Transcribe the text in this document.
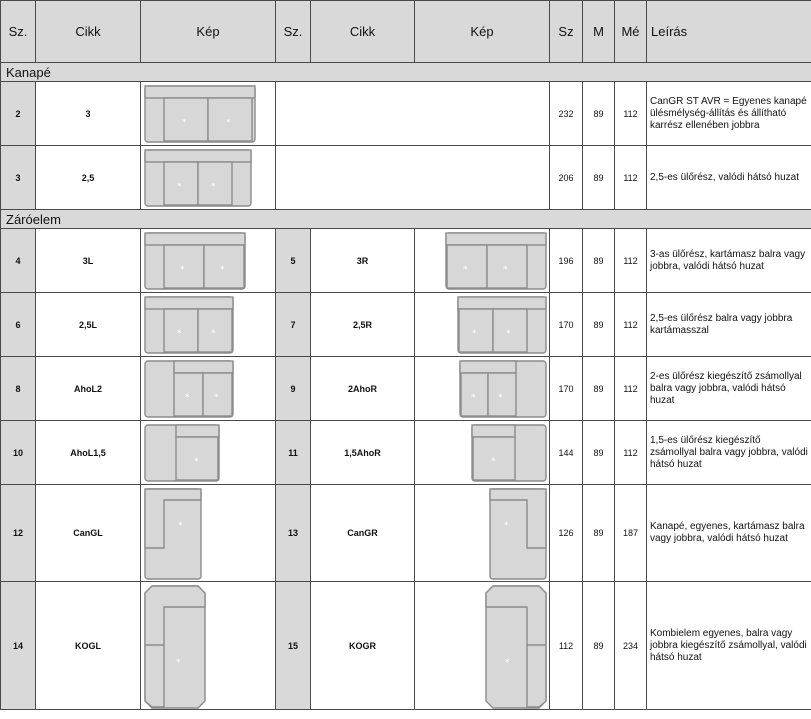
Sz.	Cikk	Kép	Sz.	Cikk	Kép	Sz	M	Mé	Leírás
Kanapé									
2	3	* *				232	89	112	CanGR ST AVR = Egyenes kanapé ülésmélység-állítás és állítható karrész ellenében jobbra
3	2,5	* *				206	89	112	2,5-es ülőrész, valódi hátsó huzat
Záróelem									
4	3L	* *	5	3R	* *	196	89	112	3-as ülőrész, kartámasz balra vagy jobbra, valódi hátsó huzat
6	2,5L	* *	7	2,5R	* *	170	89	112	2,5-es ülőrész balra vagy jobbra kartámasszal
8	AhoL2	* *	9	2AhoR	* *	170	89	112	2-es ülőrész kiegészítő zsámollyal balra vagy jobbra, valódi hátsó huzat
10	AhoL1,5	*	11	1,5AhoR	*	144	89	112	1,5-es ülőrész kiegészítő zsámollyal balra vagy jobbra, valódi hátsó huzat
12	CanGL	*	13	CanGR	*	126	89	187	Kanapé, egyenes, kartámasz balra vagy jobbra, valódi hátsó huzat
14	KOGL	*	15	KOGR	*	112	89	234	Kombielem egyenes, balra vagy jobbra kiegészítő zsámollyal, valódi hátsó huzat
